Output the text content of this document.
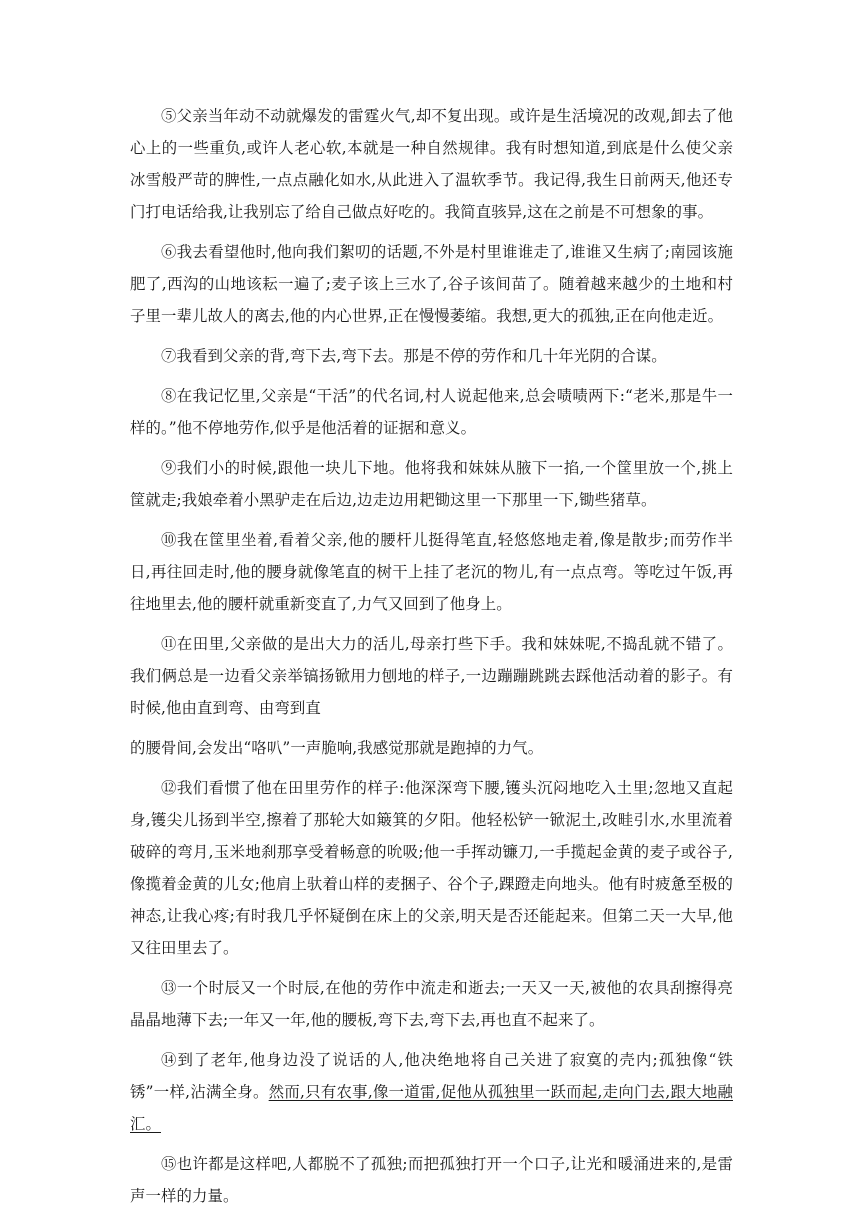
⑤父亲当年动不动就爆发的雷霆火气,却不复出现。或许是生活境况的改观,卸去了他心上的一些重负,或许人老心软,本就是一种自然规律。我有时想知道,到底是什么使父亲冰雪般严苛的脾性,一点点融化如水,从此进入了温软季节。我记得,我生日前两天,他还专门打电话给我,让我别忘了给自己做点好吃的。我简直骇异,这在之前是不可想象的事。

⑥我去看望他时,他向我们絮叨的话题,不外是村里谁谁走了,谁谁又生病了;南园该施肥了,西沟的山地该耘一遍了;麦子该上三水了,谷子该间苗了。随着越来越少的土地和村子里一辈儿故人的离去,他的内心世界,正在慢慢萎缩。我想,更大的孤独,正在向他走近。

⑦我看到父亲的背,弯下去,弯下去。那是不停的劳作和几十年光阴的合谋。

⑧在我记忆里,父亲是“干活”的代名词,村人说起他来,总会啧啧两下:“老米,那是牛一样的。”他不停地劳作,似乎是他活着的证据和意义。

⑨我们小的时候,跟他一块儿下地。他将我和妹妹从腋下一掐,一个筐里放一个,挑上筐就走;我娘牵着小黑驴走在后边,边走边用耙锄这里一下那里一下,锄些猪草。

⑩我在筐里坐着,看着父亲,他的腰杆儿挺得笔直,轻悠悠地走着,像是散步;而劳作半日,再往回走时,他的腰身就像笔直的树干上挂了老沉的物儿,有一点点弯。等吃过午饭,再往地里去,他的腰杆就重新变直了,力气又回到了他身上。

⑪在田里,父亲做的是出大力的活儿,母亲打些下手。我和妹妹呢,不捣乱就不错了。我们俩总是一边看父亲举镐扬锨用力刨地的样子,一边蹦蹦跳跳去踩他活动着的影子。有时候,他由直到弯、由弯到直

的腰骨间,会发出“咯叭”一声脆响,我感觉那就是跑掉的力气。

⑫我们看惯了他在田里劳作的样子:他深深弯下腰,镬头沉闷地吃入土里;忽地又直起身,镬尖儿扬到半空,擦着了那轮大如簸箕的夕阳。他轻松铲一锨泥土,改畦引水,水里流着破碎的弯月,玉米地刹那享受着畅意的吮吸;他一手挥动镰刀,一手揽起金黄的麦子或谷子,像揽着金黄的儿女;他肩上驮着山样的麦捆子、谷个子,踝蹬走向地头。他有时疲惫至极的神态,让我心疼;有时我几乎怀疑倒在床上的父亲,明天是否还能起来。但第二天一大早,他又往田里去了。

⑬一个时辰又一个时辰,在他的劳作中流走和逝去;一天又一天,被他的农具刮擦得亮晶晶地薄下去;一年又一年,他的腰板,弯下去,弯下去,再也直不起来了。

⑭到了老年,他身边没了说话的人,他决绝地将自己关进了寂寞的壳内;孤独像“铁锈”一样,沾满全身。然而,只有农事,像一道雷,促他从孤独里一跃而起,走向门去,跟大地融汇。

⑮也许都是这样吧,人都脱不了孤独;而把孤独打开一个口子,让光和暖涌进来的,是雷声一样的力量。
